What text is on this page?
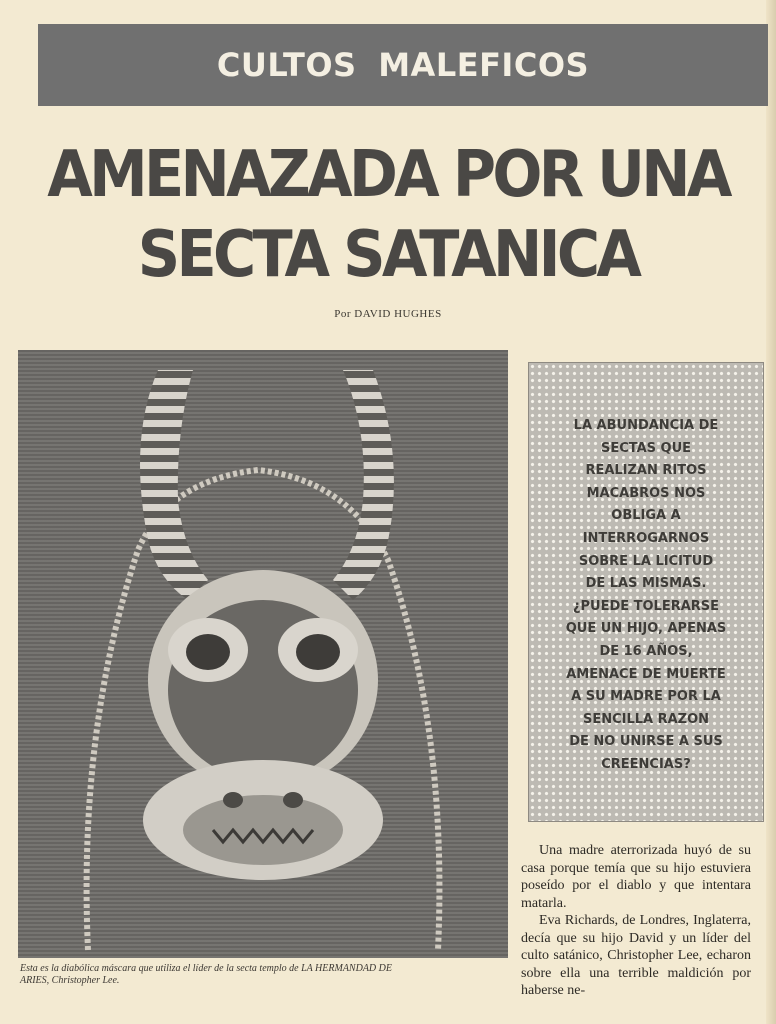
CULTOS MALEFICOS
AMENAZADA POR UNA
SECTA SATANICA
Por DAVID HUGHES
Esta es la diabólica máscara que utiliza el líder de la secta templo de LA HERMANDAD DE
ARIES, Christopher Lee.
LA ABUNDANCIA DE
SECTAS QUE
REALIZAN RITOS
MACABROS NOS
OBLIGA A
INTERROGARNOS
SOBRE LA LICITUD
DE LAS MISMAS.
¿PUEDE TOLERARSE
QUE UN HIJO, APENAS
DE 16 AÑOS,
AMENACE DE MUERTE
A SU MADRE POR LA
SENCILLA RAZON
DE NO UNIRSE A SUS
CREENCIAS?

Una madre aterrorizada huyó de su casa porque temía que su hijo estuviera poseído por el diablo y que intentara matarla.

Eva Richards, de Londres, Inglaterra, decía que su hijo David y un líder del culto satánico, Christopher Lee, echaron sobre ella una terrible maldición por haberse ne-
